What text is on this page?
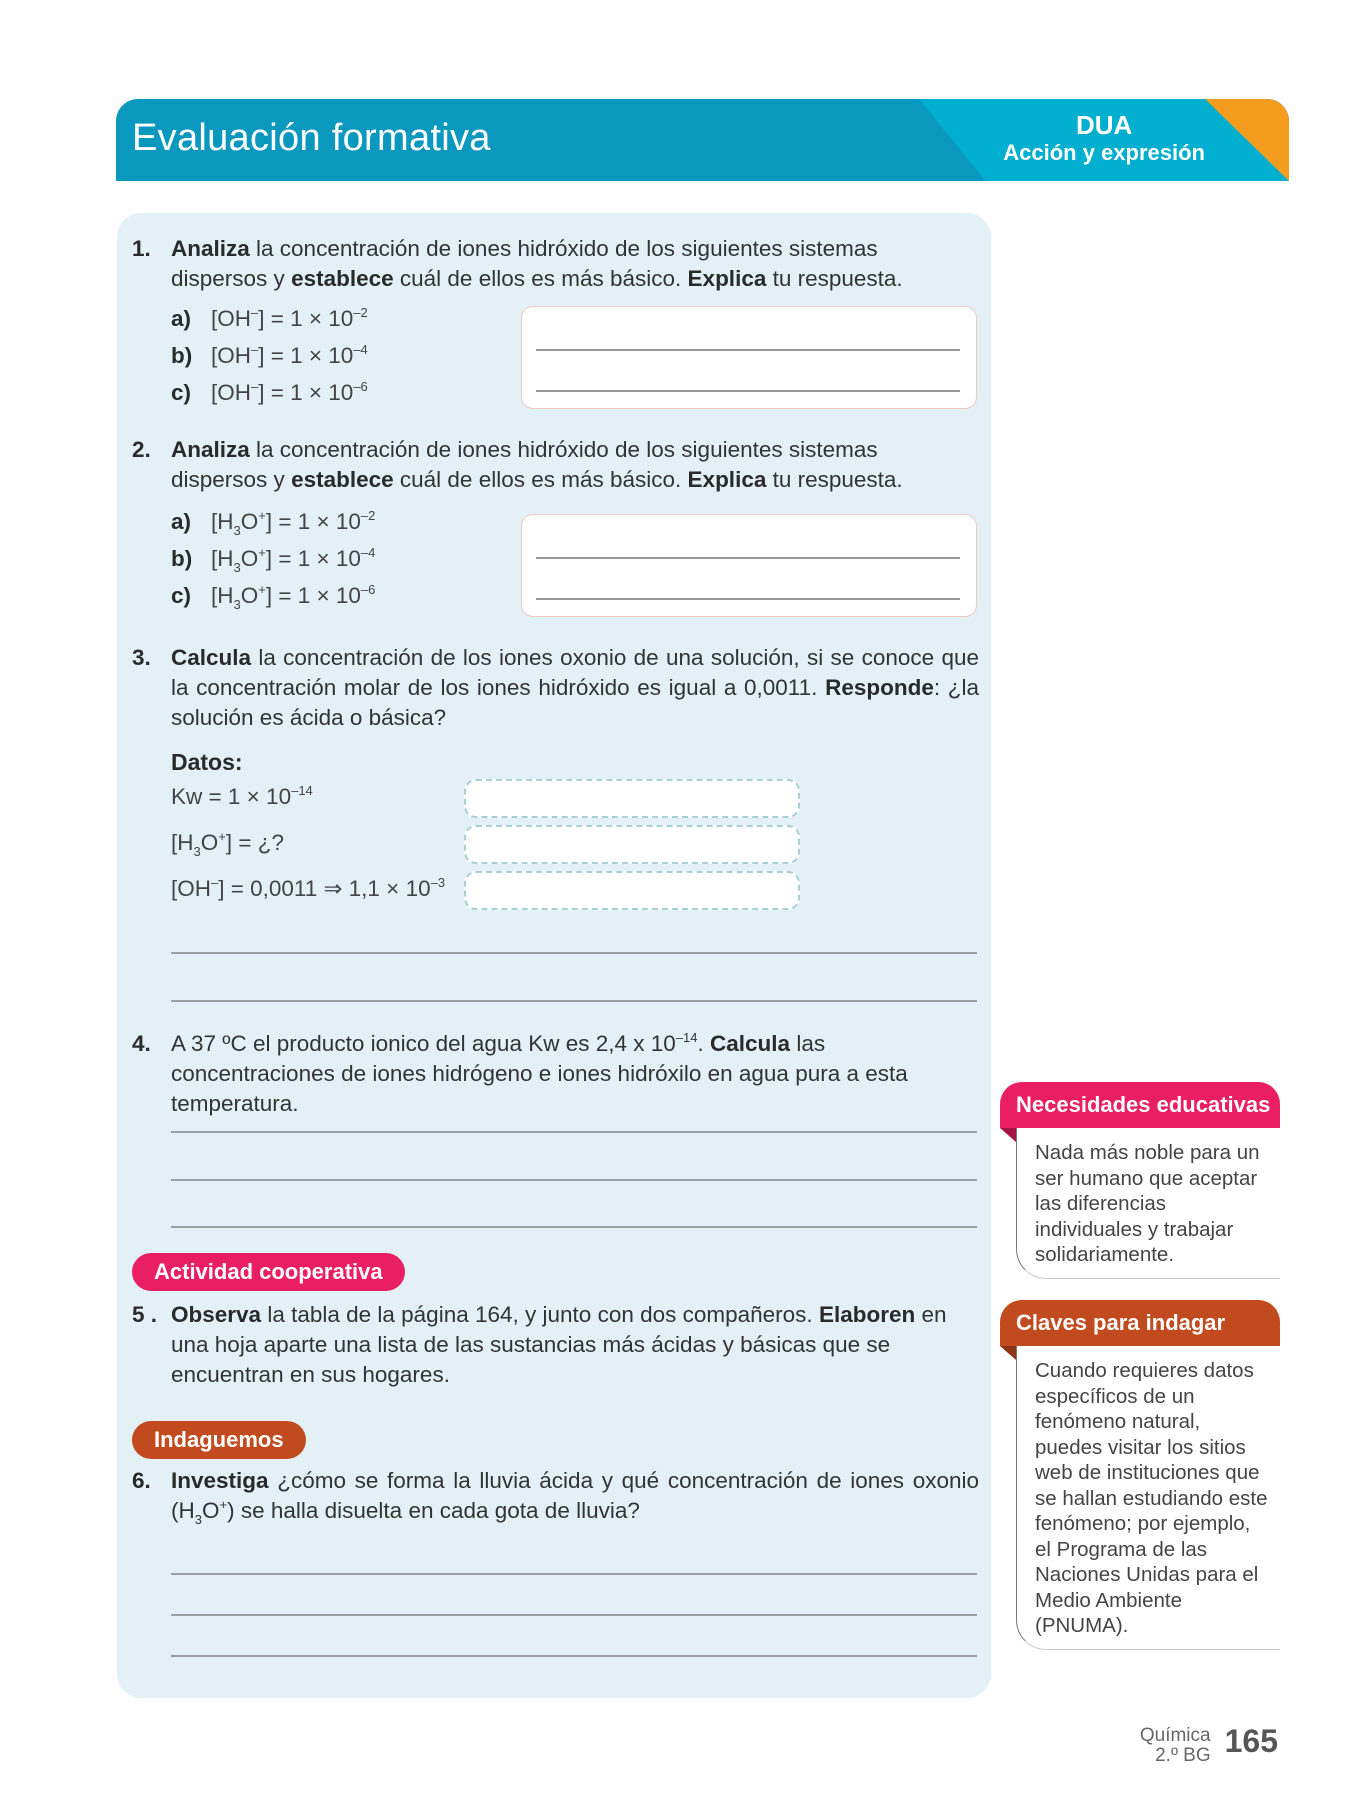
Evaluación formativa	DUA
Acción y expresión
1. Analiza la concentración de iones hidróxido de los siguientes sistemas dispersos y establece cuál de ellos es más básico. Explica tu respuesta.
a) $[OH^-] = 1 \times 10^{-2}$
b) $[OH^-] = 1 \times 10^{-4}$
c) $[OH^-] = 1 \times 10^{-6}$
2. Analiza la concentración de iones hidróxido de los siguientes sistemas dispersos y establece cuál de ellos es más básico. Explica tu respuesta.
a) $[H_3O^+] = 1 \times 10^{-2}$
b) $[H_3O^+] = 1 \times 10^{-4}$
c) $[H_3O^+] = 1 \times 10^{-6}$
3. Calcula la concentración de los iones oxonio de una solución, si se conoce que la concentración molar de los iones hidróxido es igual a 0,0011. Responde: ¿la solución es ácida o básica?
Datos:
$Kw = 1 \times 10^{-14}$
$[H_3O^+]$ = ¿?
[OH–] = 0,0011 ⇒ $1,1 \times 10^{-3}$
4. A 37 ºC el producto ionico del agua Kw es 2,4 x $10^{-14}$. Calcula las concentraciones de iones hidrógeno e iones hidróxilo en agua pura a esta temperatura.
Actividad cooperativa
5 . Observa la tabla de la página 164, y junto con dos compañeros. Elaboren en una hoja aparte una lista de las sustancias más ácidas y básicas que se encuentran en sus hogares.
Indaguemos
6. Investiga ¿cómo se forma la lluvia ácida y qué concentración de iones oxonio $(H_3O^+)$ se halla disuelta en cada gota de lluvia?
Necesidades educativas
Nada más noble para un ser humano que aceptar las diferencias individuales y trabajar solidariamente.
Claves para indagar
Cuando requieres datos específicos de un fenómeno natural, puedes visitar los sitios web de instituciones que se hallan estudiando este fenómeno; por ejemplo, el Programa de las Naciones Unidas para el Medio Ambiente (PNUMA).
Química
2.º BG 165
